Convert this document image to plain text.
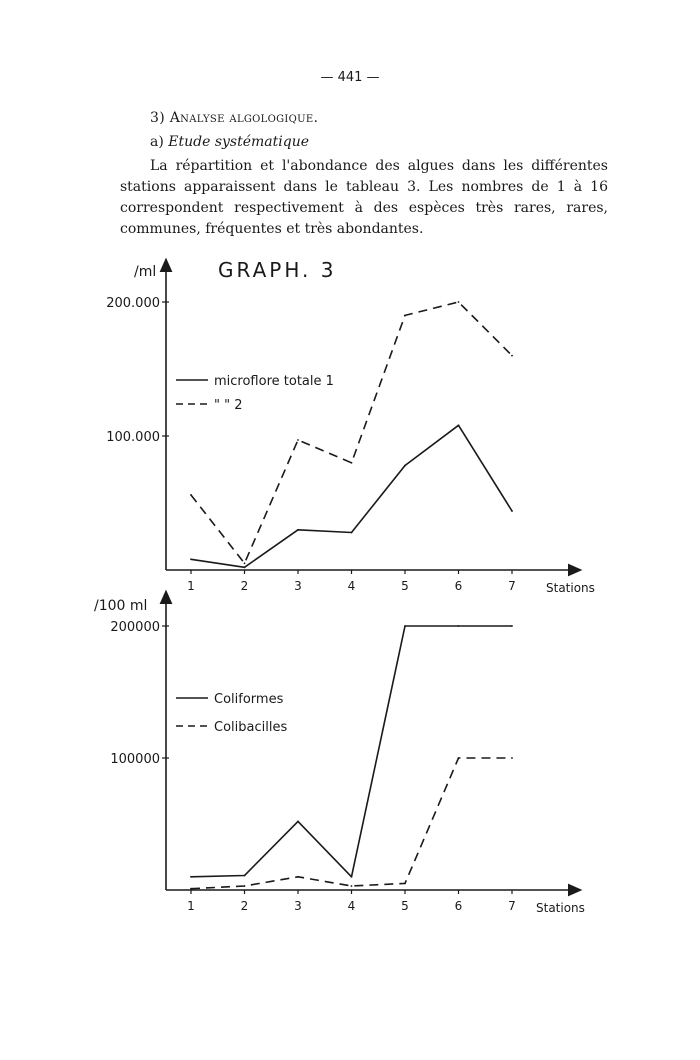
— 441 —
3) Analyse algologique.
a) Etude systématique

La répartition et l'abondance des algues dans les différentes stations apparaissent dans le tableau 3. Les nombres de 1 à 16 correspondent respectivement à des espèces très rares, rares, communes, fréquentes et très abondantes.

GRAPH. 3
/ml
200.000
100.000
1	2	3	4	5	6	7	Stations
microflore totale 1
" " 2
/100 ml
200000
100000
1	2	3	4	5	6	7 Stations
Coliformes
Colibacilles
